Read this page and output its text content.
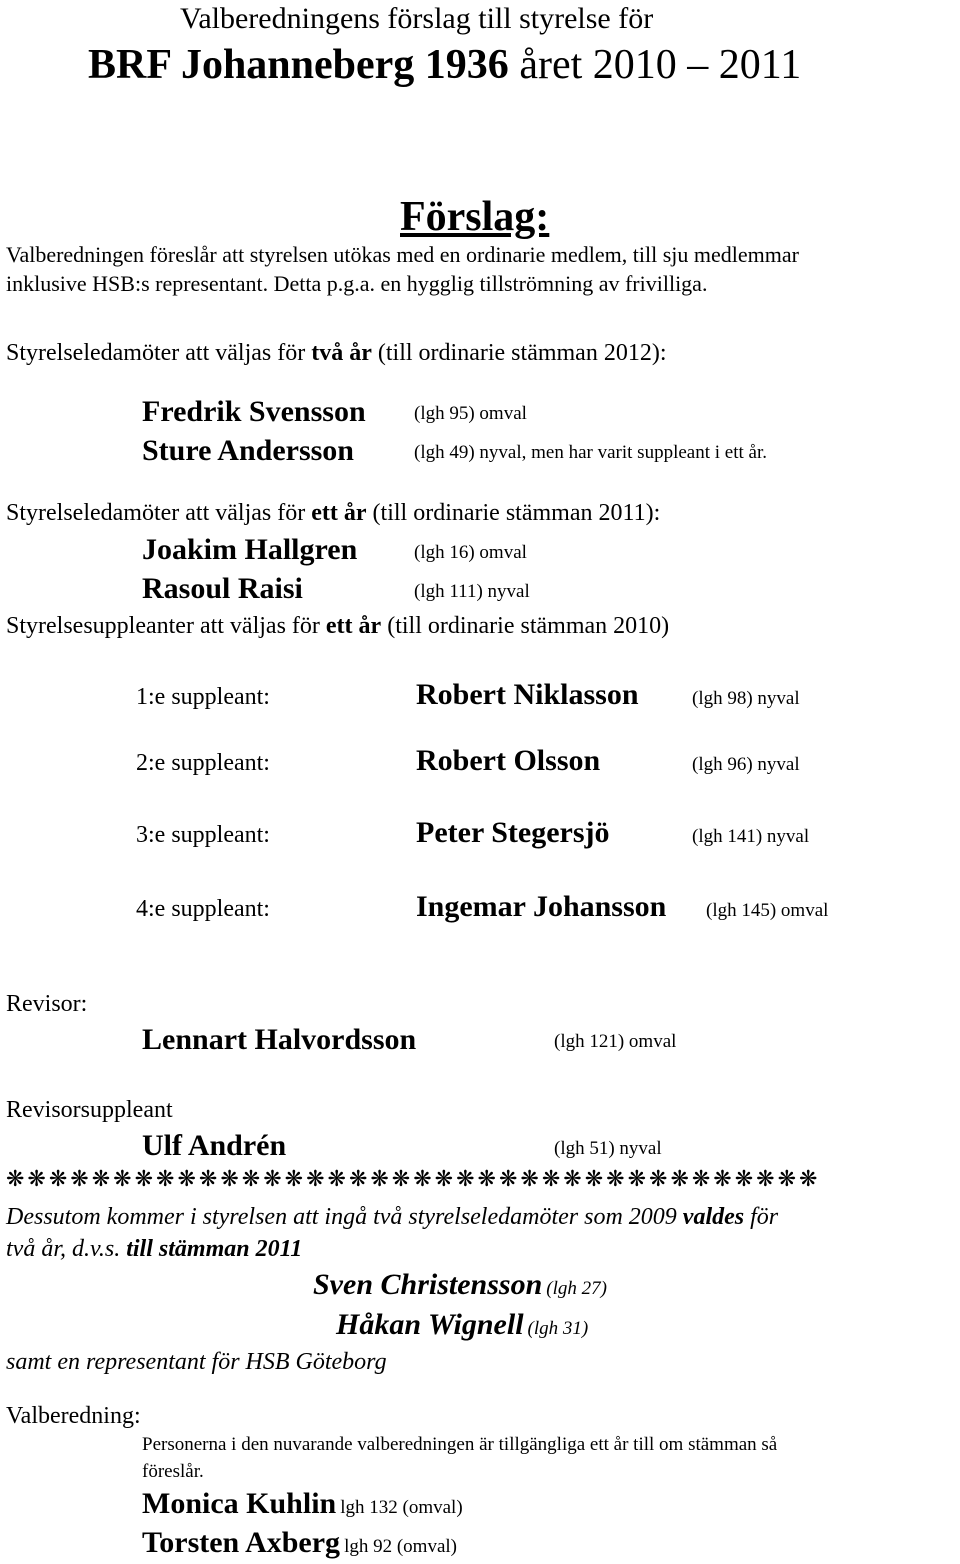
Valberedningens förslag till styrelse för
BRF Johanneberg 1936 året 2010 – 2011
Förslag:
Valberedningen föreslår att styrelsen utökas med en ordinarie medlem, till sju medlemmar
inklusive HSB:s representant. Detta p.g.a. en hygglig tillströmning av frivilliga.
Styrelseledamöter att väljas för två år (till ordinarie stämman 2012):
Fredrik Svensson	(lgh 95) omval
Sture Andersson	(lgh 49) nyval, men har varit suppleant i ett år.
Styrelseledamöter att väljas för ett år (till ordinarie stämman 2011):
Joakim Hallgren	(lgh 16) omval
Rasoul Raisi	(lgh 111) nyval
Styrelsesuppleanter att väljas för ett år (till ordinarie stämman 2010)
1:e suppleant:	Robert Niklasson	(lgh 98) nyval
2:e suppleant:	Robert Olsson	(lgh 96) nyval
3:e suppleant:	Peter Stegersjö	(lgh 141) nyval
4:e suppleant:	Ingemar Johansson (lgh 145) omval
Revisor:
Lennart Halvordsson	(lgh 121) omval
Revisorsuppleant
Ulf Andrén	(lgh 51) nyval
❋❋❋❋❋❋❋❋❋❋❋❋❋❋❋❋❋❋❋❋❋❋❋❋❋❋❋❋❋❋❋❋❋❋❋❋❋❋
Dessutom kommer i styrelsen att ingå två styrelseledamöter som 2009 valdes för
två år, d.v.s. till stämman 2011
Sven Christensson (lgh 27)
Håkan Wignell (lgh 31)
samt en representant för HSB Göteborg
Valberedning:
Personerna i den nuvarande valberedningen är tillgängliga ett år till om stämman så
föreslår.
Monica Kuhlin lgh 132 (omval)
Torsten Axberg lgh 92 (omval)
